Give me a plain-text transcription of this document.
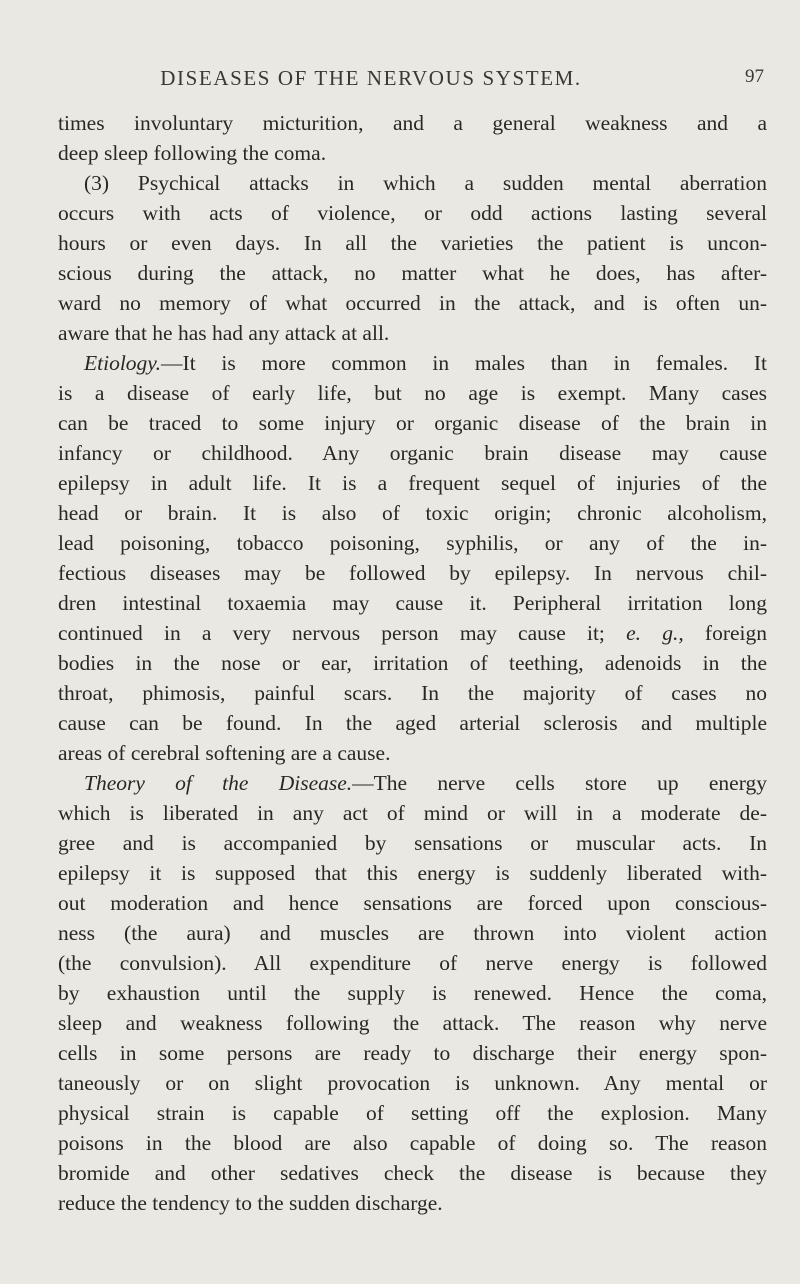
DISEASES OF THE NERVOUS SYSTEM.	97
times involuntary micturition, and a general weakness and a
deep sleep following the coma.
(3) Psychical attacks in which a sudden mental aberration
occurs with acts of violence, or odd actions lasting several
hours or even days. In all the varieties the patient is uncon-
scious during the attack, no matter what he does, has after-
ward no memory of what occurred in the attack, and is often un-
aware that he has had any attack at all.
Etiology.—It is more common in males than in females. It
is a disease of early life, but no age is exempt. Many cases
can be traced to some injury or organic disease of the brain in
infancy or childhood. Any organic brain disease may cause
epilepsy in adult life. It is a frequent sequel of injuries of the
head or brain. It is also of toxic origin; chronic alcoholism,
lead poisoning, tobacco poisoning, syphilis, or any of the in-
fectious diseases may be followed by epilepsy. In nervous chil-
dren intestinal toxaemia may cause it. Peripheral irritation long
continued in a very nervous person may cause it; e. g., foreign
bodies in the nose or ear, irritation of teething, adenoids in the
throat, phimosis, painful scars. In the majority of cases no
cause can be found. In the aged arterial sclerosis and multiple
areas of cerebral softening are a cause.
Theory of the Disease.—The nerve cells store up energy
which is liberated in any act of mind or will in a moderate de-
gree and is accompanied by sensations or muscular acts. In
epilepsy it is supposed that this energy is suddenly liberated with-
out moderation and hence sensations are forced upon conscious-
ness (the aura) and muscles are thrown into violent action
(the convulsion). All expenditure of nerve energy is followed
by exhaustion until the supply is renewed. Hence the coma,
sleep and weakness following the attack. The reason why nerve
cells in some persons are ready to discharge their energy spon-
taneously or on slight provocation is unknown. Any mental or
physical strain is capable of setting off the explosion. Many
poisons in the blood are also capable of doing so. The reason
bromide and other sedatives check the disease is because they
reduce the tendency to the sudden discharge.
